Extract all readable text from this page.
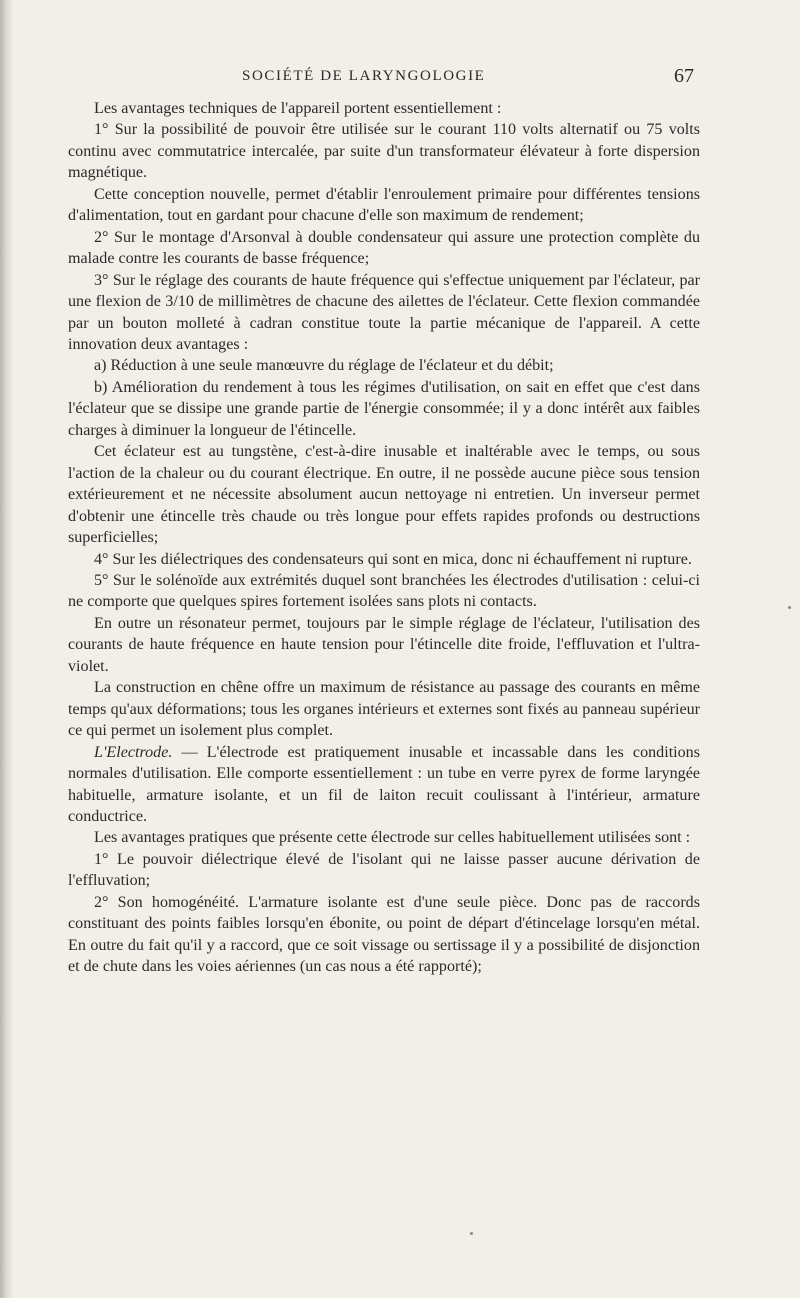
SOCIÉTÉ DE LARYNGOLOGIE	67

Les avantages techniques de l'appareil portent essentiellement :

1° Sur la possibilité de pouvoir être utilisée sur le courant 110 volts alternatif ou 75 volts continu avec commutatrice intercalée, par suite d'un transformateur élévateur à forte dispersion magnétique.

Cette conception nouvelle, permet d'établir l'enroulement primaire pour différentes tensions d'alimentation, tout en gardant pour chacune d'elle son maximum de rendement;

2° Sur le montage d'Arsonval à double condensateur qui assure une protection complète du malade contre les courants de basse fréquence;

3° Sur le réglage des courants de haute fréquence qui s'effectue uniquement par l'éclateur, par une flexion de 3/10 de millimètres de chacune des ailettes de l'éclateur. Cette flexion commandée par un bouton molleté à cadran constitue toute la partie mécanique de l'appareil. A cette innovation deux avantages :

a) Réduction à une seule manœuvre du réglage de l'éclateur et du débit;

b) Amélioration du rendement à tous les régimes d'utilisation, on sait en effet que c'est dans l'éclateur que se dissipe une grande partie de l'énergie consommée; il y a donc intérêt aux faibles charges à diminuer la longueur de l'étincelle.

Cet éclateur est au tungstène, c'est-à-dire inusable et inaltérable avec le temps, ou sous l'action de la chaleur ou du courant électrique. En outre, il ne possède aucune pièce sous tension extérieurement et ne nécessite absolument aucun nettoyage ni entretien. Un inverseur permet d'obtenir une étincelle très chaude ou très longue pour effets rapides profonds ou destructions superficielles;

4° Sur les diélectriques des condensateurs qui sont en mica, donc ni échauffement ni rupture.

5° Sur le solénoïde aux extrémités duquel sont branchées les électrodes d'utilisation : celui-ci ne comporte que quelques spires fortement isolées sans plots ni contacts.

En outre un résonateur permet, toujours par le simple réglage de l'éclateur, l'utilisation des courants de haute fréquence en haute tension pour l'étincelle dite froide, l'effluvation et l'ultra-violet.

La construction en chêne offre un maximum de résistance au passage des courants en même temps qu'aux déformations; tous les organes intérieurs et externes sont fixés au panneau supérieur ce qui permet un isolement plus complet.

L'Electrode. — L'électrode est pratiquement inusable et incassable dans les conditions normales d'utilisation. Elle comporte essentiellement : un tube en verre pyrex de forme laryngée habituelle, armature isolante, et un fil de laiton recuit coulissant à l'intérieur, armature conductrice.

Les avantages pratiques que présente cette électrode sur celles habituellement utilisées sont :

1° Le pouvoir diélectrique élevé de l'isolant qui ne laisse passer aucune dérivation de l'effluvation;

2° Son homogénéité. L'armature isolante est d'une seule pièce. Donc pas de raccords constituant des points faibles lorsqu'en ébonite, ou point de départ d'étincelage lorsqu'en métal. En outre du fait qu'il y a raccord, que ce soit vissage ou sertissage il y a possibilité de disjonction et de chute dans les voies aériennes (un cas nous a été rapporté);
